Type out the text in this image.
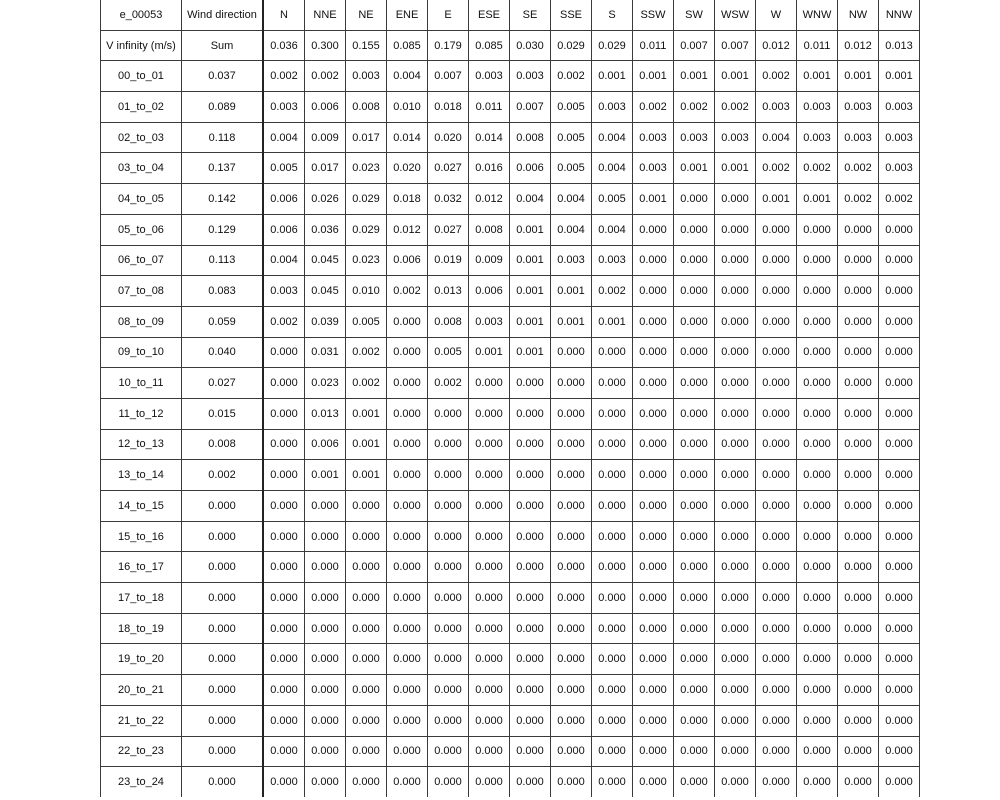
e_00053	Wind direction	N	NNE	NE	ENE	E	ESE	SE	SSE	S	SSW	SW	WSW	W	WNW	NW	NNW
V infinity (m/s)	Sum	0.036	0.300	0.155	0.085	0.179	0.085	0.030	0.029	0.029	0.011	0.007	0.007	0.012	0.011	0.012	0.013
00_to_01	0.037	0.002	0.002	0.003	0.004	0.007	0.003	0.003	0.002	0.001	0.001	0.001	0.001	0.002	0.001	0.001	0.001
01_to_02	0.089	0.003	0.006	0.008	0.010	0.018	0.011	0.007	0.005	0.003	0.002	0.002	0.002	0.003	0.003	0.003	0.003
02_to_03	0.118	0.004	0.009	0.017	0.014	0.020	0.014	0.008	0.005	0.004	0.003	0.003	0.003	0.004	0.003	0.003	0.003
03_to_04	0.137	0.005	0.017	0.023	0.020	0.027	0.016	0.006	0.005	0.004	0.003	0.001	0.001	0.002	0.002	0.002	0.003
04_to_05	0.142	0.006	0.026	0.029	0.018	0.032	0.012	0.004	0.004	0.005	0.001	0.000	0.000	0.001	0.001	0.002	0.002
05_to_06	0.129	0.006	0.036	0.029	0.012	0.027	0.008	0.001	0.004	0.004	0.000	0.000	0.000	0.000	0.000	0.000	0.000
06_to_07	0.113	0.004	0.045	0.023	0.006	0.019	0.009	0.001	0.003	0.003	0.000	0.000	0.000	0.000	0.000	0.000	0.000
07_to_08	0.083	0.003	0.045	0.010	0.002	0.013	0.006	0.001	0.001	0.002	0.000	0.000	0.000	0.000	0.000	0.000	0.000
08_to_09	0.059	0.002	0.039	0.005	0.000	0.008	0.003	0.001	0.001	0.001	0.000	0.000	0.000	0.000	0.000	0.000	0.000
09_to_10	0.040	0.000	0.031	0.002	0.000	0.005	0.001	0.001	0.000	0.000	0.000	0.000	0.000	0.000	0.000	0.000	0.000
10_to_11	0.027	0.000	0.023	0.002	0.000	0.002	0.000	0.000	0.000	0.000	0.000	0.000	0.000	0.000	0.000	0.000	0.000
11_to_12	0.015	0.000	0.013	0.001	0.000	0.000	0.000	0.000	0.000	0.000	0.000	0.000	0.000	0.000	0.000	0.000	0.000
12_to_13	0.008	0.000	0.006	0.001	0.000	0.000	0.000	0.000	0.000	0.000	0.000	0.000	0.000	0.000	0.000	0.000	0.000
13_to_14	0.002	0.000	0.001	0.001	0.000	0.000	0.000	0.000	0.000	0.000	0.000	0.000	0.000	0.000	0.000	0.000	0.000
14_to_15	0.000	0.000	0.000	0.000	0.000	0.000	0.000	0.000	0.000	0.000	0.000	0.000	0.000	0.000	0.000	0.000	0.000
15_to_16	0.000	0.000	0.000	0.000	0.000	0.000	0.000	0.000	0.000	0.000	0.000	0.000	0.000	0.000	0.000	0.000	0.000
16_to_17	0.000	0.000	0.000	0.000	0.000	0.000	0.000	0.000	0.000	0.000	0.000	0.000	0.000	0.000	0.000	0.000	0.000
17_to_18	0.000	0.000	0.000	0.000	0.000	0.000	0.000	0.000	0.000	0.000	0.000	0.000	0.000	0.000	0.000	0.000	0.000
18_to_19	0.000	0.000	0.000	0.000	0.000	0.000	0.000	0.000	0.000	0.000	0.000	0.000	0.000	0.000	0.000	0.000	0.000
19_to_20	0.000	0.000	0.000	0.000	0.000	0.000	0.000	0.000	0.000	0.000	0.000	0.000	0.000	0.000	0.000	0.000	0.000
20_to_21	0.000	0.000	0.000	0.000	0.000	0.000	0.000	0.000	0.000	0.000	0.000	0.000	0.000	0.000	0.000	0.000	0.000
21_to_22	0.000	0.000	0.000	0.000	0.000	0.000	0.000	0.000	0.000	0.000	0.000	0.000	0.000	0.000	0.000	0.000	0.000
22_to_23	0.000	0.000	0.000	0.000	0.000	0.000	0.000	0.000	0.000	0.000	0.000	0.000	0.000	0.000	0.000	0.000	0.000
23_to_24	0.000	0.000	0.000	0.000	0.000	0.000	0.000	0.000	0.000	0.000	0.000	0.000	0.000	0.000	0.000	0.000	0.000
